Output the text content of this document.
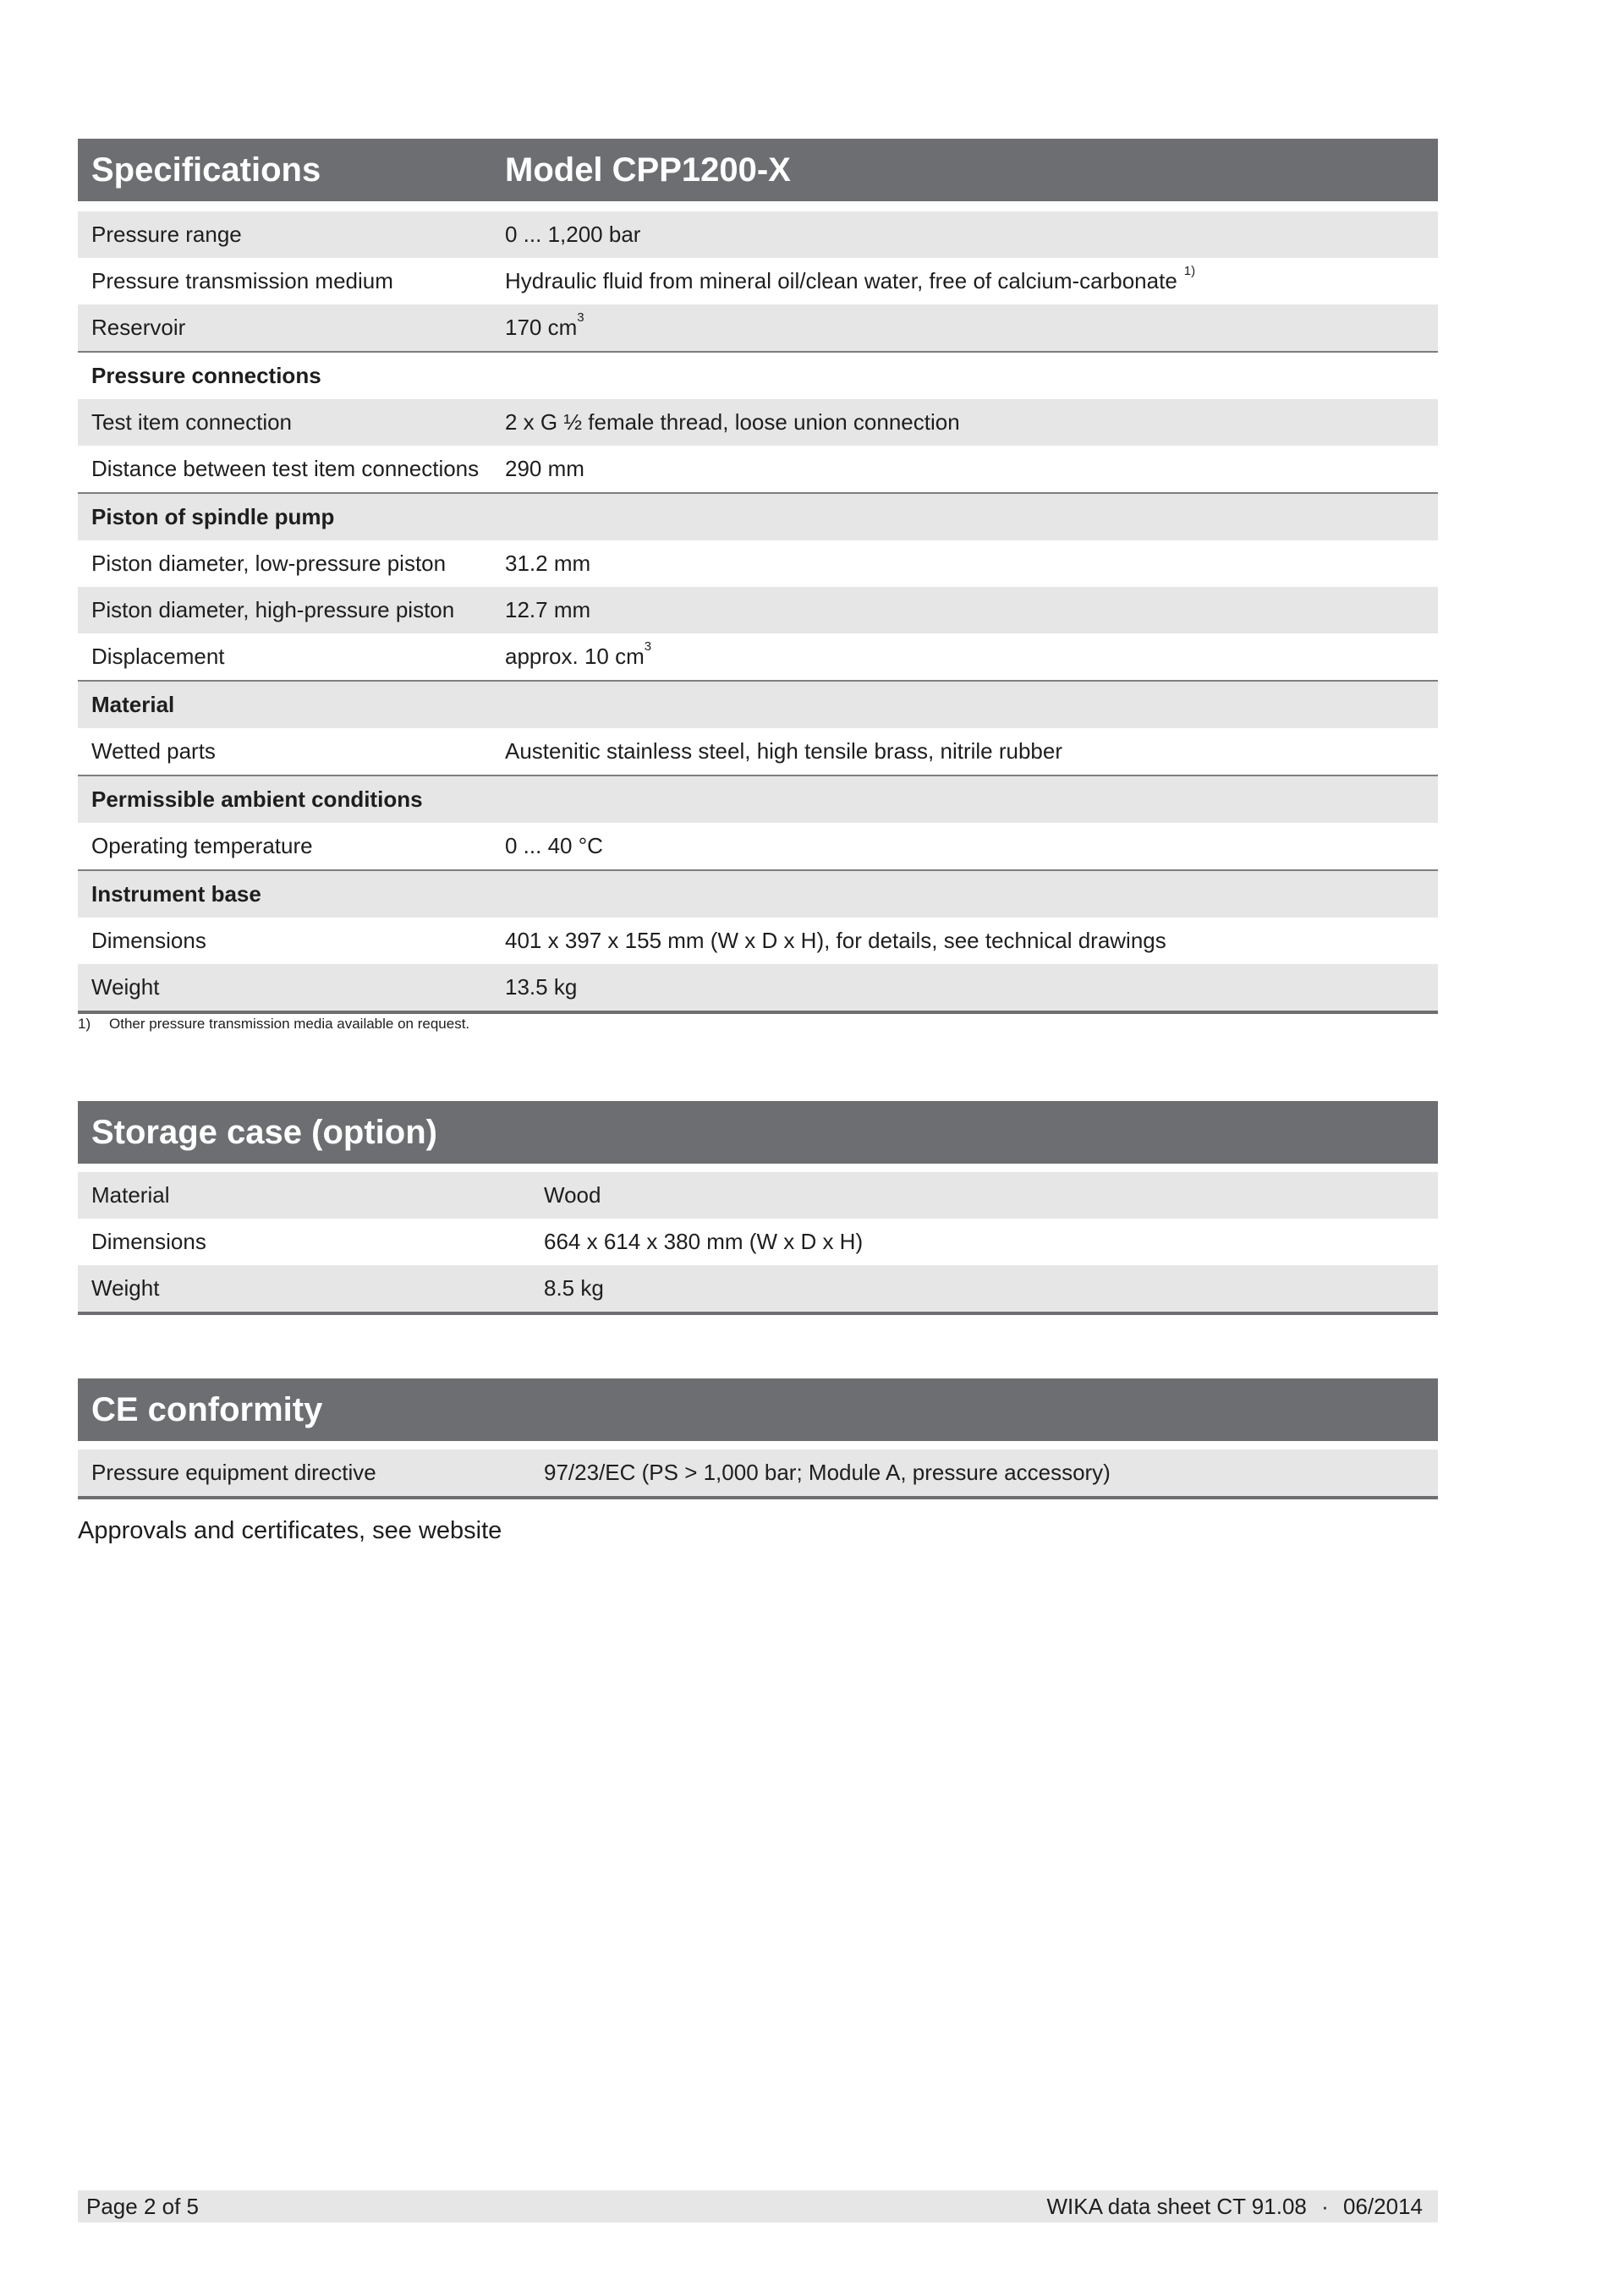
Specifications	Model CPP1200-X
Pressure range	0 ... 1,200 bar
Pressure transmission medium	Hydraulic fluid from mineral oil/clean water, free of calcium-carbonate $^{1)}$
Reservoir	170 $cm^3$
Pressure connections
Test item connection	2 x G ½ female thread, loose union connection
Distance between test item connections	290 mm
Piston of spindle pump
Piston diameter, low-pressure piston	31.2 mm
Piston diameter, high-pressure piston	12.7 mm
Displacement	approx. 10 $cm^3$
Material
Wetted parts	Austenitic stainless steel, high tensile brass, nitrile rubber
Permissible ambient conditions
Operating temperature	0 ... 40 °C
Instrument base
Dimensions	401 x 397 x 155 mm (W x D x H), for details, see technical drawings
Weight	13.5 kg
1)	Other pressure transmission media available on request.
Storage case (option)
Material	Wood
Dimensions	664 x 614 x 380 mm (W x D x H)
Weight	8.5 kg
CE conformity
Pressure equipment directive	97/23/EC (PS > 1,000 bar; Module A, pressure accessory)
Approvals and certificates, see website
Page 2 of 5	WIKA data sheet CT 91.08 · 06/2014
